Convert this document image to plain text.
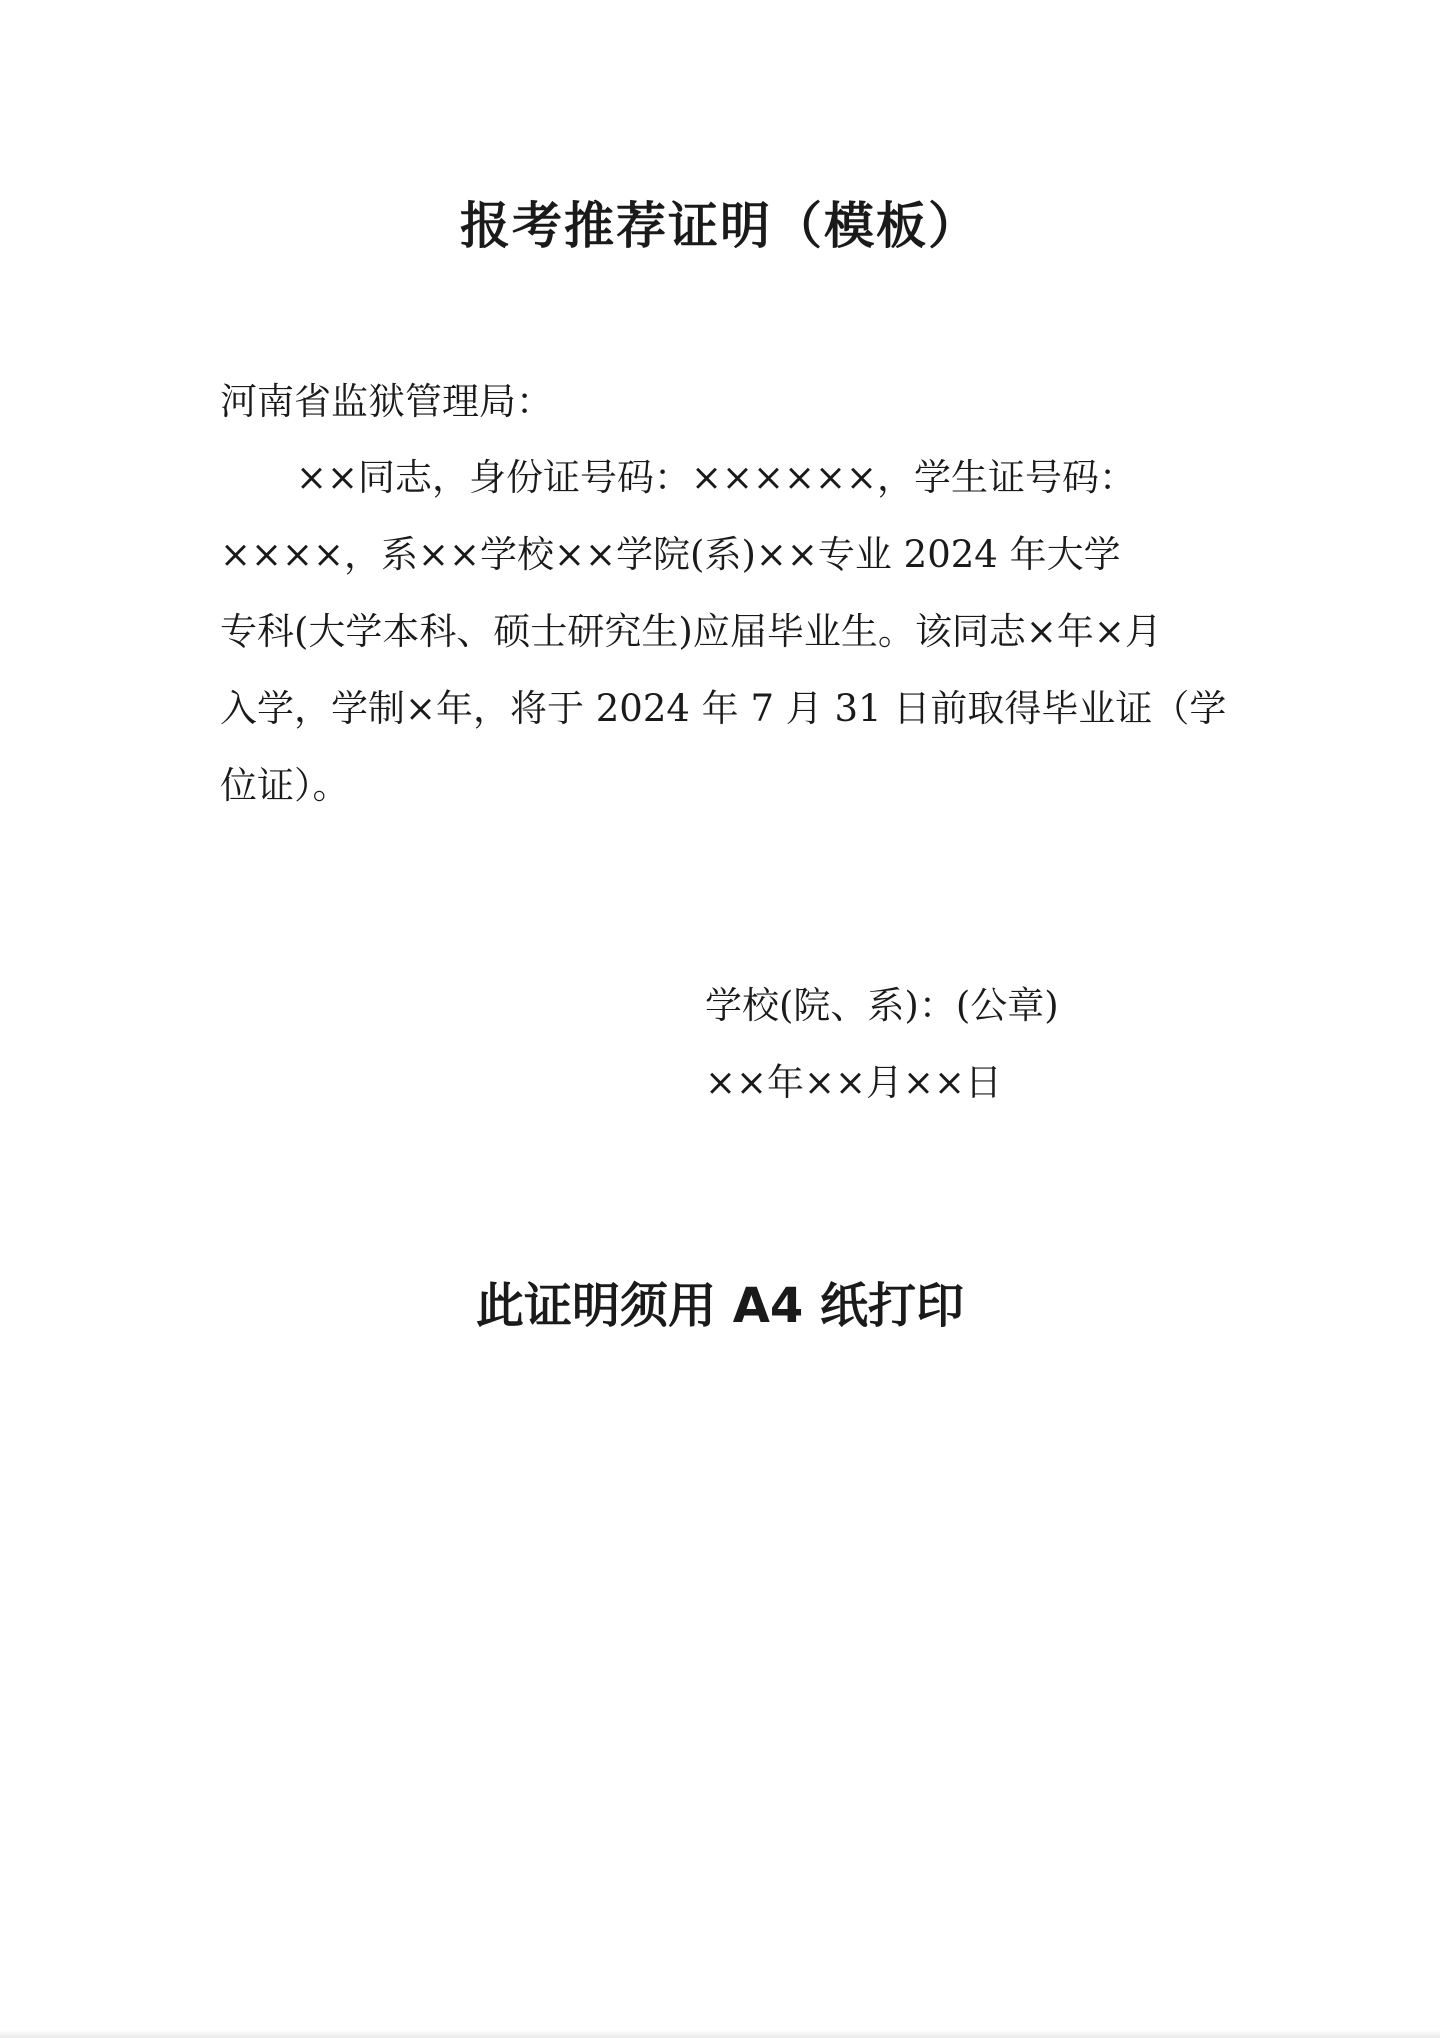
报考推荐证明（模板）
河南省监狱管理局：
××同志，身份证号码：××××××，学生证号码：
××××，系××学校××学院(系)××专业 2024 年大学
专科(大学本科、硕士研究生)应届毕业生。该同志×年×月
入学，学制×年，将于 2024 年 7 月 31 日前取得毕业证（学
位证）。
学校(院、系)：(公章)
××年××月××日
此证明须用 A4 纸打印
